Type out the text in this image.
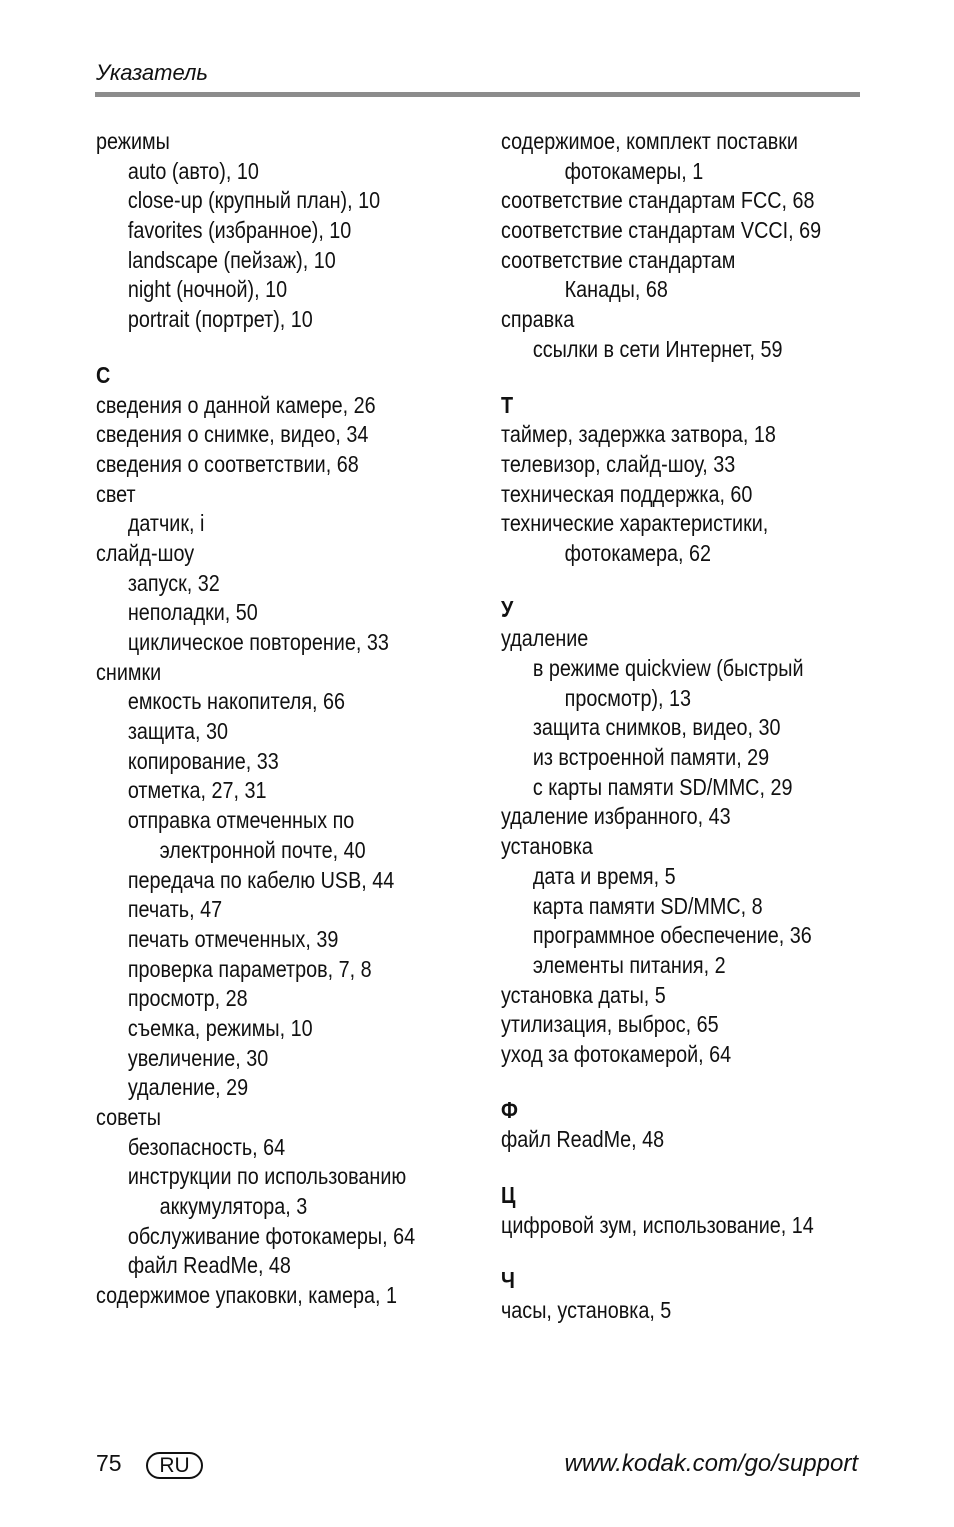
Указатель
режимы
auto (авто), 10
close-up (крупный план), 10
favorites (избранное), 10
landscape (пейзаж), 10
night (ночной), 10
portrait (портрет), 10
С
сведения о данной камере, 26
сведения о снимке, видео, 34
сведения о соответствии, 68
свет
датчик, i
слайд-шоу
запуск, 32
неполадки, 50
циклическое повторение, 33
снимки
емкость накопителя, 66
защита, 30
копирование, 33
отметка, 27, 31
отправка отмеченных по
электронной почте, 40
передача по кабелю USB, 44
печать, 47
печать отмеченных, 39
проверка параметров, 7, 8
просмотр, 28
съемка, режимы, 10
увеличение, 30
удаление, 29
советы
безопасность, 64
инструкции по использованию
аккумулятора, 3
обслуживание фотокамеры, 64
файл ReadMe, 48
содержимое упаковки, камера, 1
содержимое, комплект поставки
фотокамеры, 1
соответствие стандартам FCC, 68
соответствие стандартам VCCI, 69
соответствие стандартам
Канады, 68
справка
ссылки в сети Интернет, 59
Т
таймер, задержка затвора, 18
телевизор, слайд-шоу, 33
техническая поддержка, 60
технические характеристики,
фотокамера, 62
У
удаление
в режиме quickview (быстрый
просмотр), 13
защита снимков, видео, 30
из встроенной памяти, 29
с карты памяти SD/MMC, 29
удаление избранного, 43
установка
дата и время, 5
карта памяти SD/MMC, 8
программное обеспечение, 36
элементы питания, 2
установка даты, 5
утилизация, выброс, 65
уход за фотокамерой, 64
Ф
файл ReadMe, 48
Ц
цифровой зум, использование, 14
Ч
часы, установка, 5
75	RU	www.kodak.com/go/support
